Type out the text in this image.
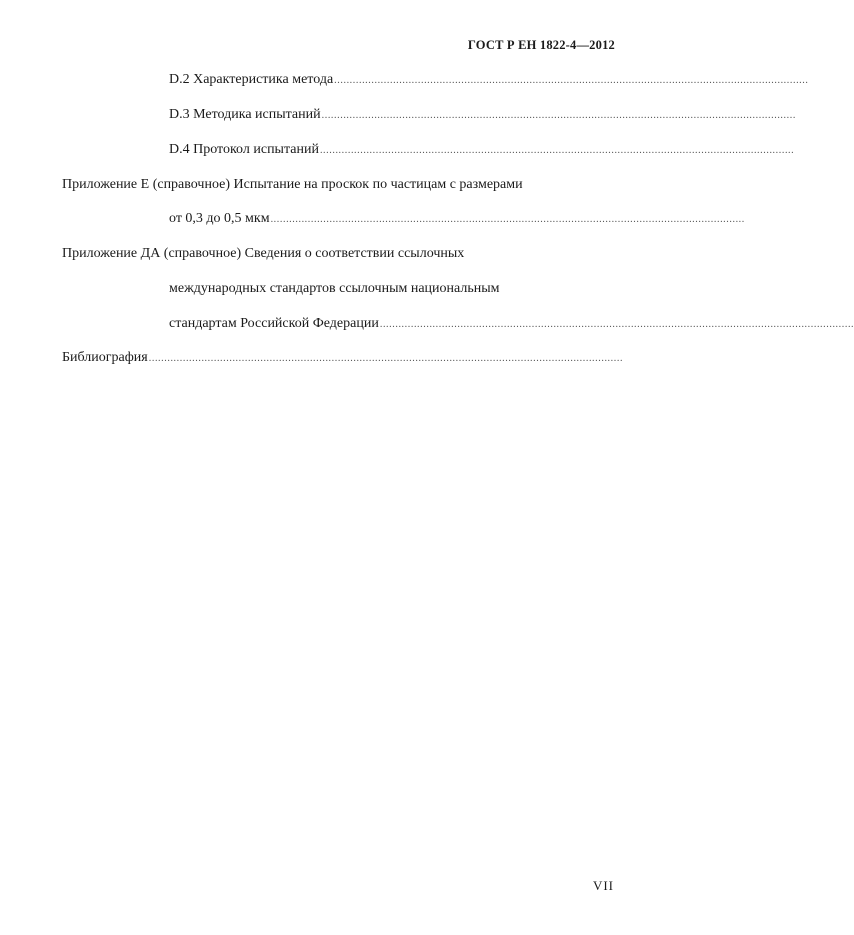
ГОСТ Р ЕН 1822-4—2012
D.2 Характеристика метода .........................................................................................................................................................
D.3 Методика испытаний .........................................................................................................................................................
D.4 Протокол испытаний .........................................................................................................................................................
Приложение Е (справочное) Испытание на проскок по частицам с размерами
от 0,3 до 0,5 мкм .........................................................................................................................................................
Приложение ДА (справочное) Сведения о соответствии ссылочных
международных стандартов ссылочным национальным
стандартам Российской Федерации .........................................................................................................................................................
Библиография .........................................................................................................................................................
VII
